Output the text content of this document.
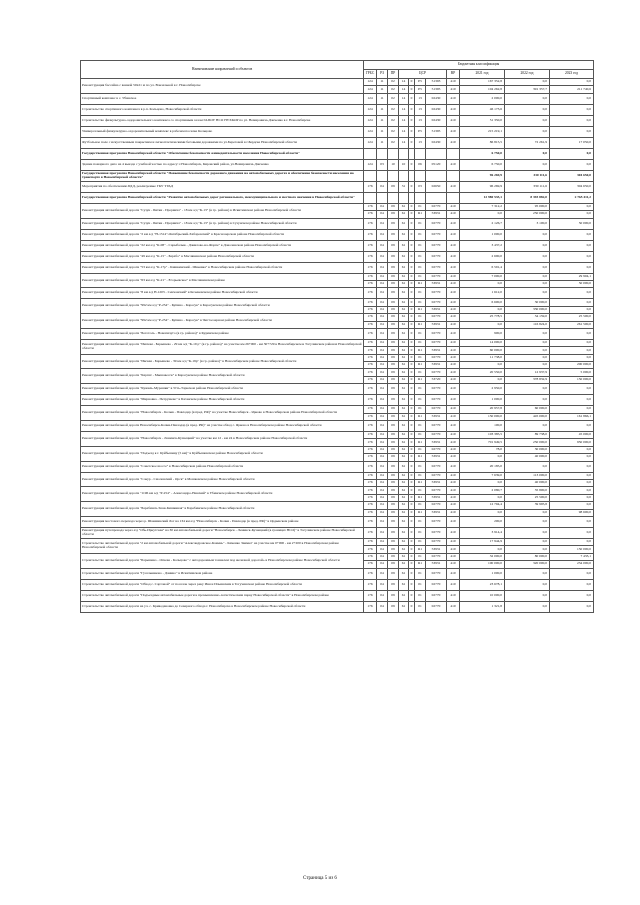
Наименование направлений и объектов	Бюджетная классификация										
	ГРБС	РЗ	ПР	ЦСР				ВР	2021 год	2022 год	2023 год
Реконструкция бассейна с ванной 50х21 м по ул. Вокзальной в г. Новосибирске	124	11	02	14	0	P5	51393	410	167 352,8	0,0	0,0
	124	11	02	14	0	P5	51395	410	104 262,8	391 357,7	211 740,6
Спортивный комплекс в с. Убинское	124	11	02	14	0	13	02430	410	2 000,0	0,0	0,0
Строительство спортивного комплекса в р.п. Кольцово, Новосибирской области	124	11	02	14	0	13	02430	410	46 173,6	0,0	0,0
Строительство физкультурно-оздоровительного комплекса со спортивным залом ГАПОУ НСО НУХКОР по ул. Немировича-Данченко в г. Новосибирске	124	11	02	14	0	13	02430	410	51 350,0	0,0	0,0
Универсальный физкультурно-оздоровительный комплекс в рабочем поселке Кольцово	124	11	02	14	0	P5	51395	410	215 219,1	0,0	0,0
Футбольное поле с искусственным покрытием и легкоатлетическими беговыми дорожками по ул.Береговой в г.Бердске Новосибирской области	124	11	02	14	0	13	02430	410	86 815,5	72 261,9	17 050,0
Государственная программа Новосибирской области "Обеспечение безопасности жизнедеятельности населения Новосибирской области"									6 750,0	0,0	0,0
Здание пожарного депо на 4 выезда с учебной частью по адресу: г.Новосибирск, Кировский район, ул.Немировича-Данченко	124	03	10	10	0	06	05120	410	6 750,0	0,0	0,0
Государственная программа Новосибирской области "Повышение безопасности дорожного движения на автомобильных дорогах и обеспечение безопасности населения на транспорте в Новосибирской области"									96 269,9	330 111,6	304 650,0
Мероприятия по обеспечению БДД, реализуемые ГКУ ТУАД	176	04	09	31	0	03	02650	410	96 269,9	330 111,6	304 650,0
Государственная программа Новосибирской области "Развитие автомобильных дорог регионального, межмуниципального и местного значения в Новосибирской области"									12 980 535,1	8 393 882,0	2 765 411,2
Реконструкция автомобильной дороги "Сузун - Битки - Прорвиха" - 18 км а/д "К-13" (в гр. района) в Искитимском районе Новосибирской области	176	04	09	61	0	01	02770	410	7 312,2	95 000,0	0,0
	176	04	09	61	0	R1	53931	410	0,0	250 000,0	0,0
Реконструкция автомобильной дороги "Сузун - Битки - Прорвиха" - 18 км а/д "К-13" (в гр. района) в Сузунском районе Новосибирской области	176	04	09	61	0	01	02770	410	2 126,7	3 100,0	50 000,0
Реконструкция автомобильной дороги "2 км а/д "Н-1514"-Октябрьский-Хабаровский" в Краснозерском районе Новосибирской области	176	04	09	61	0	01	02770	410	1 000,0	0,0	0,0
Реконструкция автомобильной дороги "22 км а/д "К-08" - Сарыбалык - Данилово-на-Форпе" в Доволенском районе Новосибирской области	176	04	09	61	0	01	02770	410	3 437,2	0,0	0,0
Реконструкция автомобильной дороги "49 км а/д "К-15" - Барабо" в Маслянинском районе Новосибирской области	176	04	09	61	0	01	02770	410	2 690,0	0,0	0,0
Реконструкция автомобильной дороги "53 км а/д "К-17р" - Кишкинский - Шнеевка" в Новосибирском районе Новосибирской области	176	04	09	61	0	01	02770	410	6 591,4	0,0	0,0
Реконструкция автомобильной дороги "63 км а/д "К-21" - Егорьевское" в Маслянинском районе	176	04	09	61	0	01	02770	410	7 000,0	0,0	29 904,1
	176	04	09	61	0	R1	53931	410	0,0	0,0	50 000,0
Реконструкция автомобильной дороги "8 км а/д Н-1203 - Сенчанский" в Коченевском районе Новосибирской области	176	04	09	61	0	01	02770	410	1 612,0	0,0	0,0
Реконструкция автомобильной дороги "992 км а/д "Р-254" - Купино - Карасук" в Карасукском районе Новосибирской области	176	04	09	61	0	01	02770	410	6 600,0	30 000,0	0,0
	176	04	09	61	0	R1	53931	410	0,0	330 000,0	0,0
Реконструкция автомобильной дороги "992 км а/д "Р-254" - Купино - Карасук" в Чистоозерном районе Новосибирской области	176	04	09	61	0	01	02770	410	25 778,5	34 159,0	25 500,0
	176	04	09	61	0	R1	53931	410	0,0	116 824,0	261 500,0
Реконструкция автомобильной дороги "Боготоль - Новопичуго (в гр. района)" в Кудинском районе	176	04	09	61	0	01	02770	410	900,0	0,0	0,0
Реконструкция автомобильной дороги "Иискам - Барышево - 29 км а/д "К-19 р" (в гр. района)" на участке км 26+000 - км 30+729 в Новосибирском и Тогучинском районах Новосибирской области	176	04	09	61	0	01	02770	410	14 000,0	0,0	0,0
	176	04	09	61	0	R1	53931	410	60 000,0	0,0	0,0
Реконструкция автомобильной дороги "Ивская - Барышево - 39 км а/д "К-19р" (в гр. района)" в Новосибирском районе Новосибирской области	176	04	09	61	0	01	02770	410	11 738,0	0,0	0,0
	176	04	09	61	0	R1	53931	410	0,0	0,0	200 000,0
Реконструкция автомобильной дороги "Карпат - Мышовесск" в Карасукском районе Новосибирской области	176	04	09	61	0	01	02770	410	20 550,0	12 937,9	5 000,0
	176	04	09	61	0	R1	53720	410	0,0	378 832,9	150 000,0
Реконструкция автомобильной дороги "Кужиль-Мурашки" в Усть-Таркском районе Новосибирской области	176	04	09	61	0	01	02770	410	2 950,0	0,0	0,0
Реконструкция автомобильной дороги "Мирновка - Петрушево" в Баганском районе Новосибирской области	176	04	09	61	0	01	02770	410	1 000,0	0,0	0,0
Реконструкция автомобильной дороги "Новосибирск - Колыв - Павлодар (в пред. РФ)" на участке Новосибирск - Ярково в Новосибирском районе Новосибирской области	176	04	09	61	0	01	02770	410	20 957,8	60 000,0	0,0
	176	04	09	61	0	R1	53931	410	150 000,0	445 000,0	161 866,1
Реконструкция автомобильной дороги Новосибирск-Кочки-Павлодар (в пред. РФ)" на участке обход с. Ярково в Новосибирском районе Новосибирской области	176	04	09	61	0	01	02770	410	100,0	0,0	0,0
Реконструкция автомобильной дороги "Новосибирск - Ленинск-Кузнецкий" на участке км 12 - км 24 в Новосибирском районе Новосибирской области	176	04	09	61	0	01	02770	410	103 385,5	89 738,0	45 000,0
	176	04	09	61	0	R1	53931	410	701 949,5	250 000,0	950 000,0
Реконструкция автомобильной дороги "Подъезд к г. Куйбышеву (5 км)" в Куйбышевском районе Новосибирской области	176	04	09	61	0	01	02770	410	78,0	30 000,0	0,0
	176	04	09	61	0	R1	53931	410	0,0	40 000,0	0,0
Реконструкция автомобильной дороги "Советское шоссе" в Новосибирском районе Новосибирской области	176	04	09	61	0	01	02770	410	20 185,0	0,0	0,0
Реконструкция автомобильной дороги "Сокур - Смоленский - Орск" в Мошковском районе Новосибирской области	176	04	09	61	0	01	02770	410	7 639,0	113 000,0	0,0
	176	04	09	61	0	R1	53931	410	0,0	40 000,0	0,0
Реконструкция автомобильной дороги "1196 км а/д "Р-254" - Александро-Невский" в Убинском районе Новосибирской области	176	04	09	61	0	01	02770	410	2 080,7	35 800,0	0,0
	176	04	09	61	0	R1	53931	410	0,0	25 500,0	0,0
Реконструкция автомобильной дороги "Барабинск-Зюзя-Кишкиная" в Барабинском районе Новосибирской области	176	04	09	61	0	01	02770	410	12 794,4	39 995,8	0,0
	176	04	09	61	0	R1	53931	410	0,0	0,0	98 600,0
Реконструкция мостового перехода через р. Шакшинский Лог на 134 км а/д "Новосибирск - Кочки - Павлодар (в пред. РФ)" в Ордынском районе	176	04	09	61	0	01	02770	410	200,0	0,0	0,0
Реконструкция путепровода через а/д "Обь-Иркутская" на 30 км автомобильной дороги "Новосибирск - Ленинск-Кузнецкий (в границах НСО)" в Тогучинском районе Новосибирской области	176	04	09	61	0	01	02770	410	3 914,4	0,0	0,0
Строительство автомобильной дороги "2 км автомобильной дороги "Александровское-Камень" - Каменко Заимка" на участке км 0+000 - км 2+200 в Новосибирском районе Новосибирской области	176	04	09	61	0	01	02770	410	17 944,9	0,0	0,0
	176	04	09	61	0	R1	53931	410	0,0	0,0	150 000,0
Строительство автомобильной дороги "Барышево - Огнева - Кольцово" с автодорожным тоннелем под железной дорогой» в Новосибирском районе Новосибирской области	176	04	09	61	0	01	02770	410	32 000,0	80 000,0	7 433,1
	176	04	09	61	0	R1	53931	410	100 000,0	320 000,0	234 000,0
Строительство автомобильной дороги "Гусельниково - Данино" в Искитимском районе	176	04	09	61	0	01	02770	410	1 000,0	0,0	0,0
Строительство автомобильной дороги "Обход с. Сартовой" от поселок через реку Иня и Ильинским в Тогучинском районе Новосибирской области	176	04	09	61	0	01	02770	410	23 678,1	0,0	0,0
Строительство автомобильной дороги "Подъездные автомобильные дороги к промышленно-логистическим парку Новосибирской области" в Новосибирском районе	176	04	09	61	0	01	02770	410	10 000,0	0,0	0,0
Строительство автомобильной дороги на уч. с. Криводановка до Северного обхода г. Новосибирска в Новосибирском районе Новосибирской области	176	04	09	61	0	01	02770	410	1 321,8	0,0	0,0
Страница 5 из 6
